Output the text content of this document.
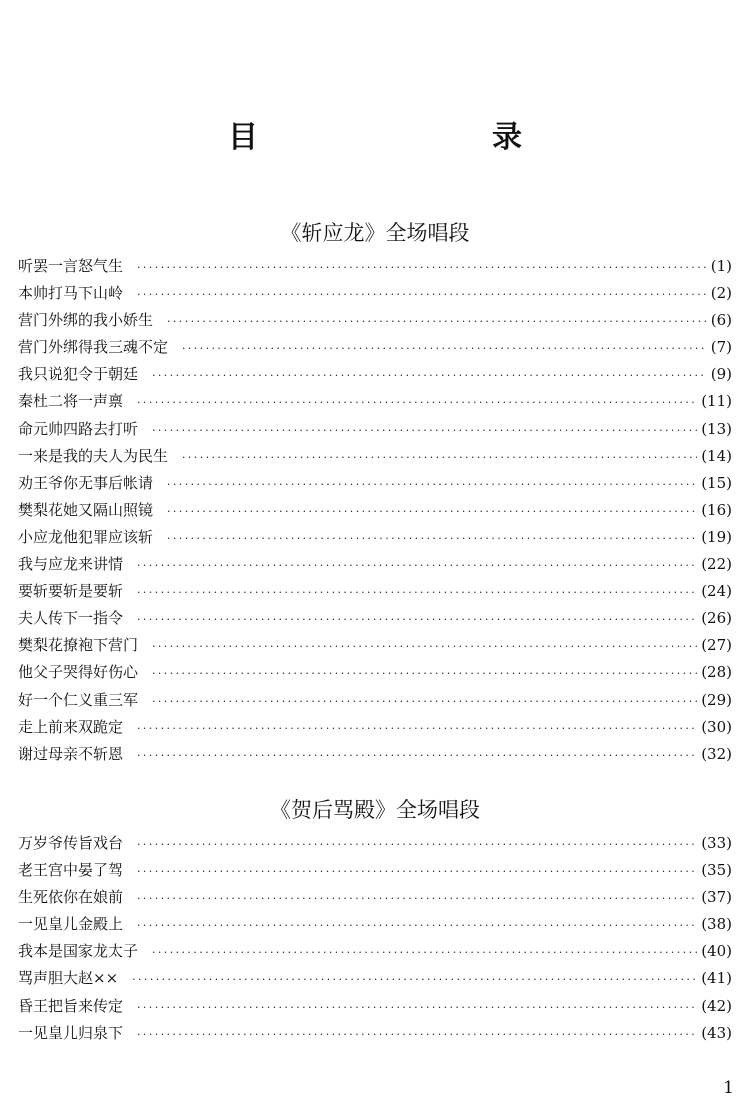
目　　录
《斩应龙》全场唱段
听罢一言怒气生 ·····	(1)
本帅打马下山岭 ·····	(2)
营门外绑的我小娇生 ·····	(6)
营门外绑得我三魂不定 ·····	(7)
我只说犯令于朝廷 ·····	(9)
秦杜二将一声禀 ·····	(11)
命元帅四路去打听 ·····	(13)
一来是我的夫人为民生 ·····	(14)
劝王爷你无事后帐请 ·····	(15)
樊梨花她又隔山照镜 ·····	(16)
小应龙他犯罪应该斩 ·····	(19)
我与应龙来讲情 ·····	(22)
要斩要斩是要斩 ·····	(24)
夫人传下一指令 ·····	(26)
樊梨花撩袍下营门 ·····	(27)
他父子哭得好伤心 ·····	(28)
好一个仁义重三军 ·····	(29)
走上前来双跪定 ·····	(30)
谢过母亲不斩恩 ·····	(32)
《贺后骂殿》全场唱段
万岁爷传旨戏台 ·····	(33)
老王宫中晏了驾 ·····	(35)
生死依你在娘前 ·····	(37)
一见皇儿金殿上 ·····	(38)
我本是国家龙太子 ·····	(40)
骂声胆大赵×× ·····	(41)
昏王把旨来传定 ·····	(42)
一见皇儿归泉下 ·····	(43)
1
